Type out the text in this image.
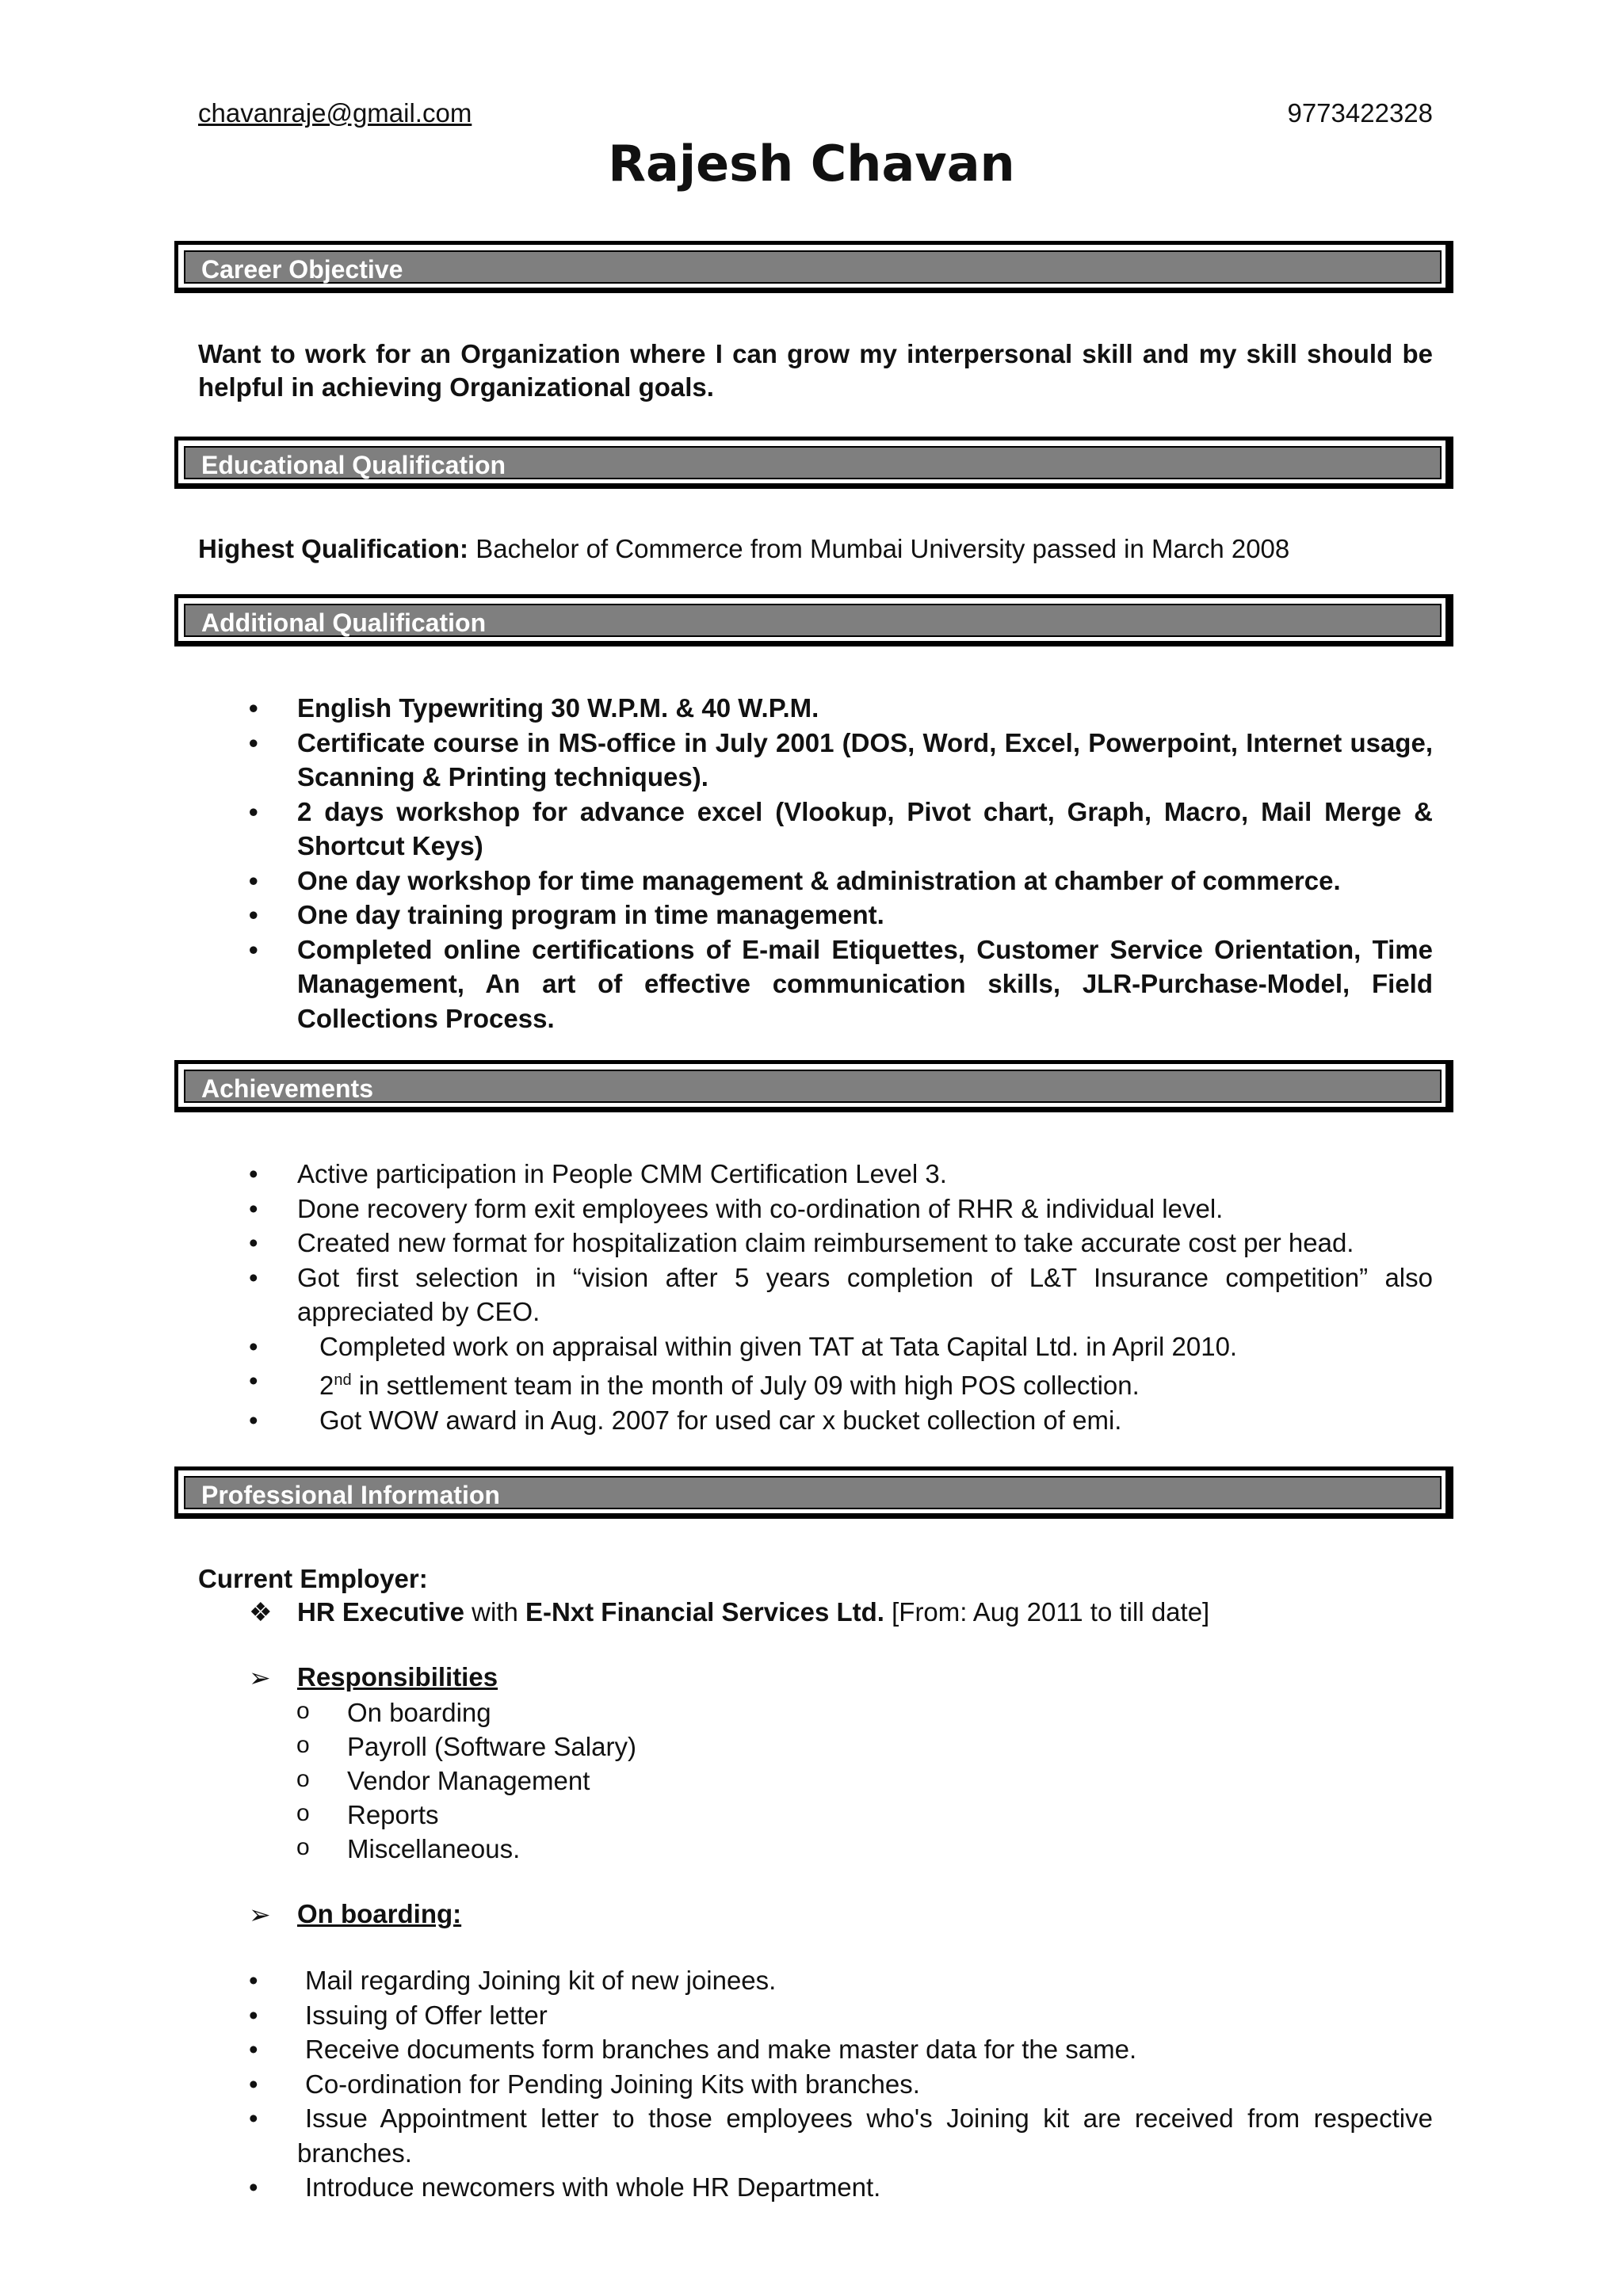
chavanraje@gmail.com	9773422328
Rajesh Chavan
Career Objective
Want to work for an Organization where I can grow my interpersonal skill and my skill should be helpful in achieving Organizational goals.
Educational Qualification
Highest Qualification: Bachelor of Commerce from Mumbai University passed in March 2008
Additional Qualification
• English Typewriting 30 W.P.M. & 40 W.P.M.
• Certificate course in MS-office in July 2001 (DOS, Word, Excel, Powerpoint, Internet usage, Scanning & Printing techniques).
• 2 days workshop for advance excel (Vlookup, Pivot chart, Graph, Macro, Mail Merge & Shortcut Keys)
• One day workshop for time management & administration at chamber of commerce.
• One day training program in time management.
• Completed online certifications of E-mail Etiquettes, Customer Service Orientation, Time Management, An art of effective communication skills, JLR-Purchase-Model, Field Collections Process.
Achievements
• Active participation in People CMM Certification Level 3.
• Done recovery form exit employees with co-ordination of RHR & individual level.
• Created new format for hospitalization claim reimbursement to take accurate cost per head.
• Got first selection in “vision after 5 years completion of L&T Insurance competition” also appreciated by CEO.
•	Completed work on appraisal within given TAT at Tata Capital Ltd. in April 2010.
•	2nd in settlement team in the month of July 09 with high POS collection.
•	Got WOW award in Aug. 2007 for used car x bucket collection of emi.
Professional Information
Current Employer:
❖ HR Executive with E-Nxt Financial Services Ltd. [From: Aug 2011 to till date]
➢ Responsibilities
o On boarding
o Payroll (Software Salary)
o Vendor Management
o Reports
o Miscellaneous.
➢ On boarding:
•	Mail regarding Joining kit of new joinees.
•	Issuing of Offer letter
•	Receive documents form branches and make master data for the same.
•	Co-ordination for Pending Joining Kits with branches.
•	Issue Appointment letter to those employees who's Joining kit are received from respective branches.
•	Introduce newcomers with whole HR Department.
